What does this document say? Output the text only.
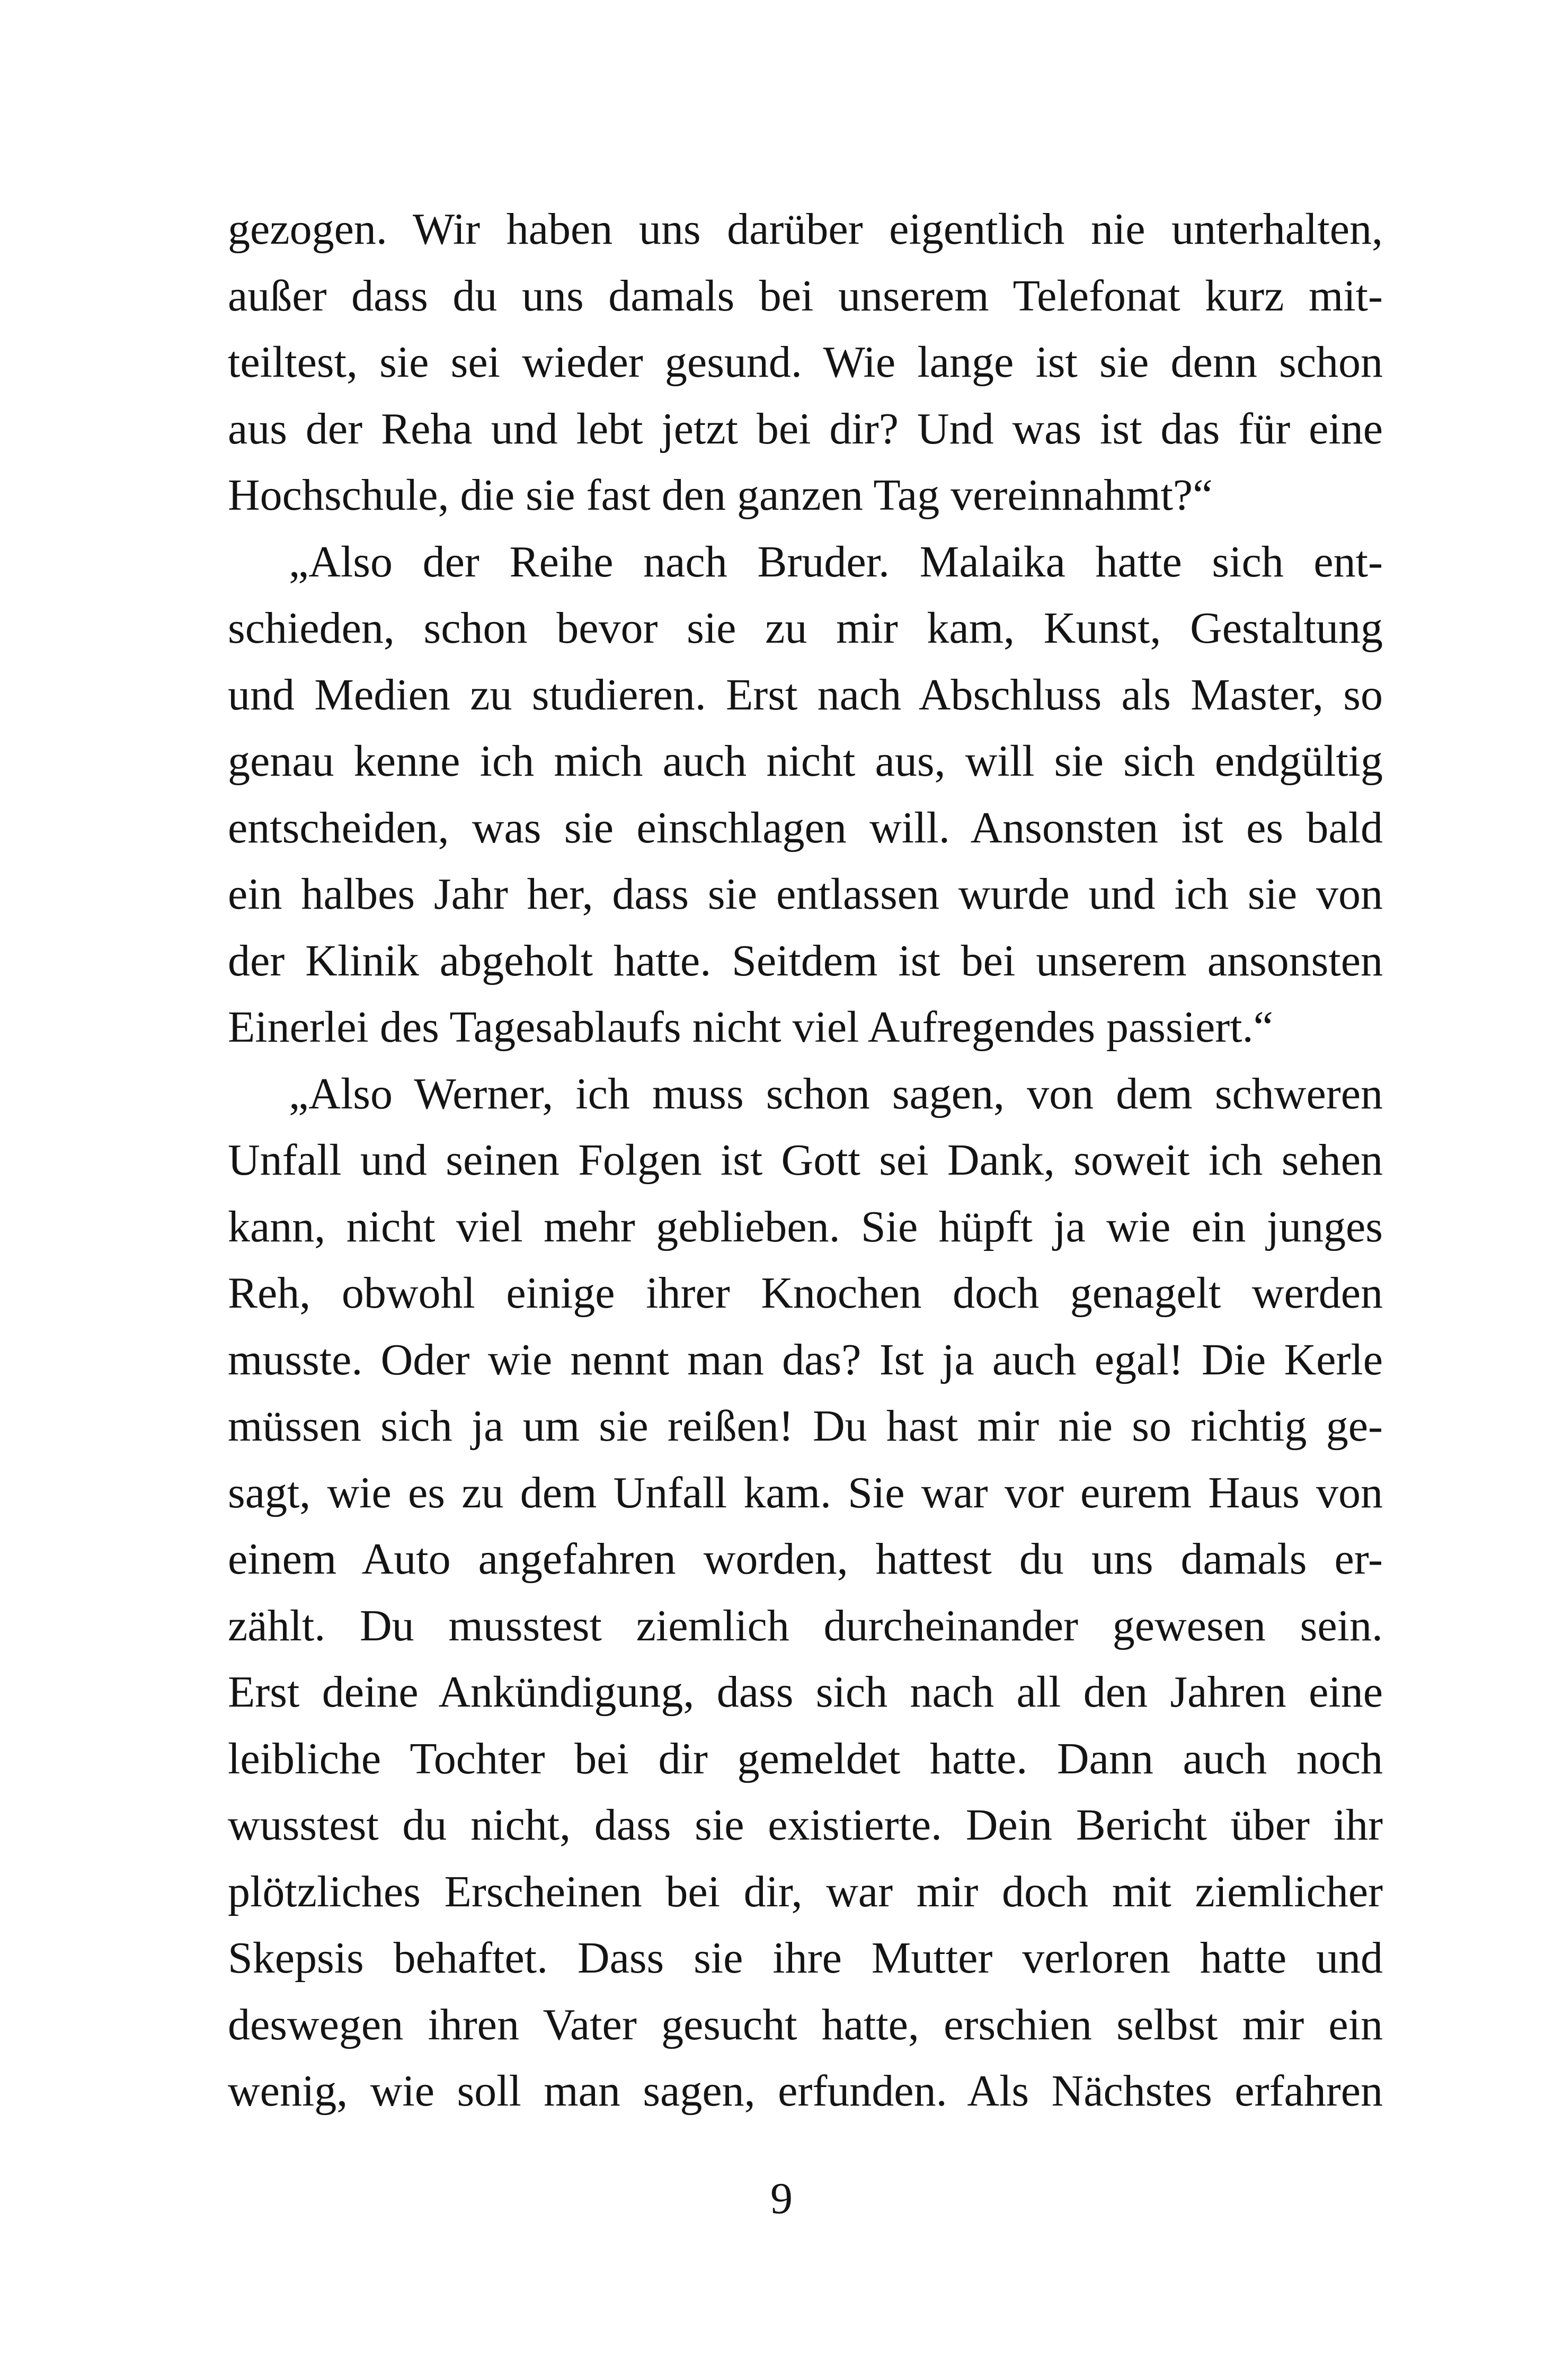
gezogen. Wir haben uns darüber eigentlich nie unterhalten,
außer dass du uns damals bei unserem Telefonat kurz mit-
teiltest, sie sei wieder gesund. Wie lange ist sie denn schon
aus der Reha und lebt jetzt bei dir? Und was ist das für eine
Hochschule, die sie fast den ganzen Tag vereinnahmt?“
„Also der Reihe nach Bruder. Malaika hatte sich ent-
schieden, schon bevor sie zu mir kam, Kunst, Gestaltung
und Medien zu studieren. Erst nach Abschluss als Master, so
genau kenne ich mich auch nicht aus, will sie sich endgültig
entscheiden, was sie einschlagen will. Ansonsten ist es bald
ein halbes Jahr her, dass sie entlassen wurde und ich sie von
der Klinik abgeholt hatte. Seitdem ist bei unserem ansonsten
Einerlei des Tagesablaufs nicht viel Aufregendes passiert.“
„Also Werner, ich muss schon sagen, von dem schweren
Unfall und seinen Folgen ist Gott sei Dank, soweit ich sehen
kann, nicht viel mehr geblieben. Sie hüpft ja wie ein junges
Reh, obwohl einige ihrer Knochen doch genagelt werden
musste. Oder wie nennt man das? Ist ja auch egal! Die Kerle
müssen sich ja um sie reißen! Du hast mir nie so richtig ge-
sagt, wie es zu dem Unfall kam. Sie war vor eurem Haus von
einem Auto angefahren worden, hattest du uns damals er-
zählt. Du musstest ziemlich durcheinander gewesen sein.
Erst deine Ankündigung, dass sich nach all den Jahren eine
leibliche Tochter bei dir gemeldet hatte. Dann auch noch
wusstest du nicht, dass sie existierte. Dein Bericht über ihr
plötzliches Erscheinen bei dir, war mir doch mit ziemlicher
Skepsis behaftet. Dass sie ihre Mutter verloren hatte und
deswegen ihren Vater gesucht hatte, erschien selbst mir ein
wenig, wie soll man sagen, erfunden. Als Nächstes erfahren
9
